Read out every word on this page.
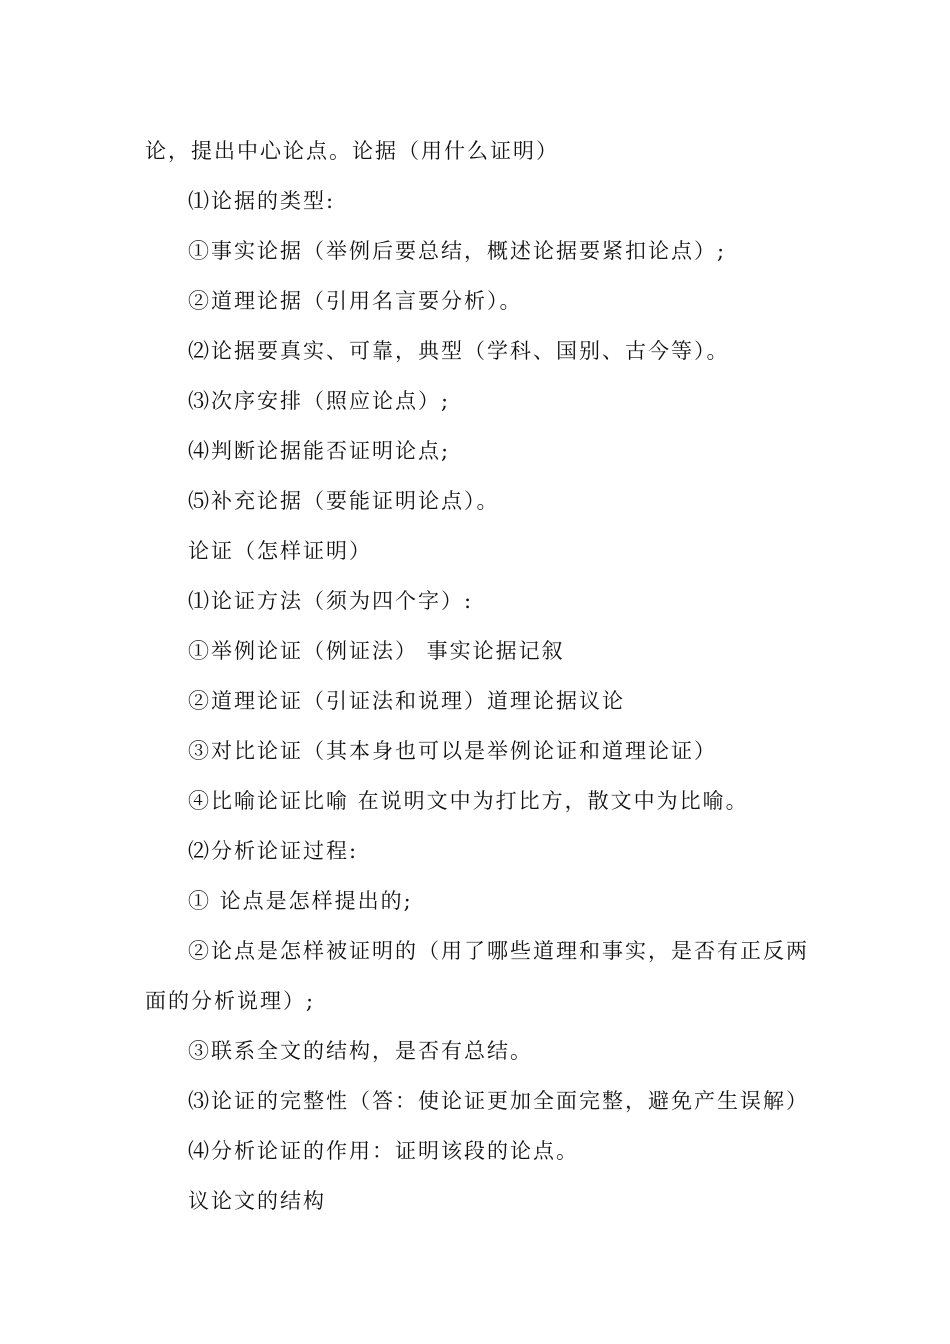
论，提出中心论点。论据（用什么证明）
⑴论据的类型:
①事实论据（举例后要总结，概述论据要紧扣论点）;
②道理论据（引用名言要分析）。
⑵论据要真实、可靠，典型（学科、国别、古今等）。
⑶次序安排（照应论点）;
⑷判断论据能否证明论点;
⑸补充论据（要能证明论点）。
论证（怎样证明）
⑴论证方法（须为四个字）:
①举例论证（例证法） 事实论据记叙
②道理论证（引证法和说理）道理论据议论
③对比论证（其本身也可以是举例论证和道理论证）
④比喻论证比喻 在说明文中为打比方，散文中为比喻。
⑵分析论证过程:
① 论点是怎样提出的;
②论点是怎样被证明的（用了哪些道理和事实，是否有正反两
面的分析说理）;
③联系全文的结构，是否有总结。
⑶论证的完整性（答：使论证更加全面完整，避免产生误解）
⑷分析论证的作用：证明该段的论点。
议论文的结构
